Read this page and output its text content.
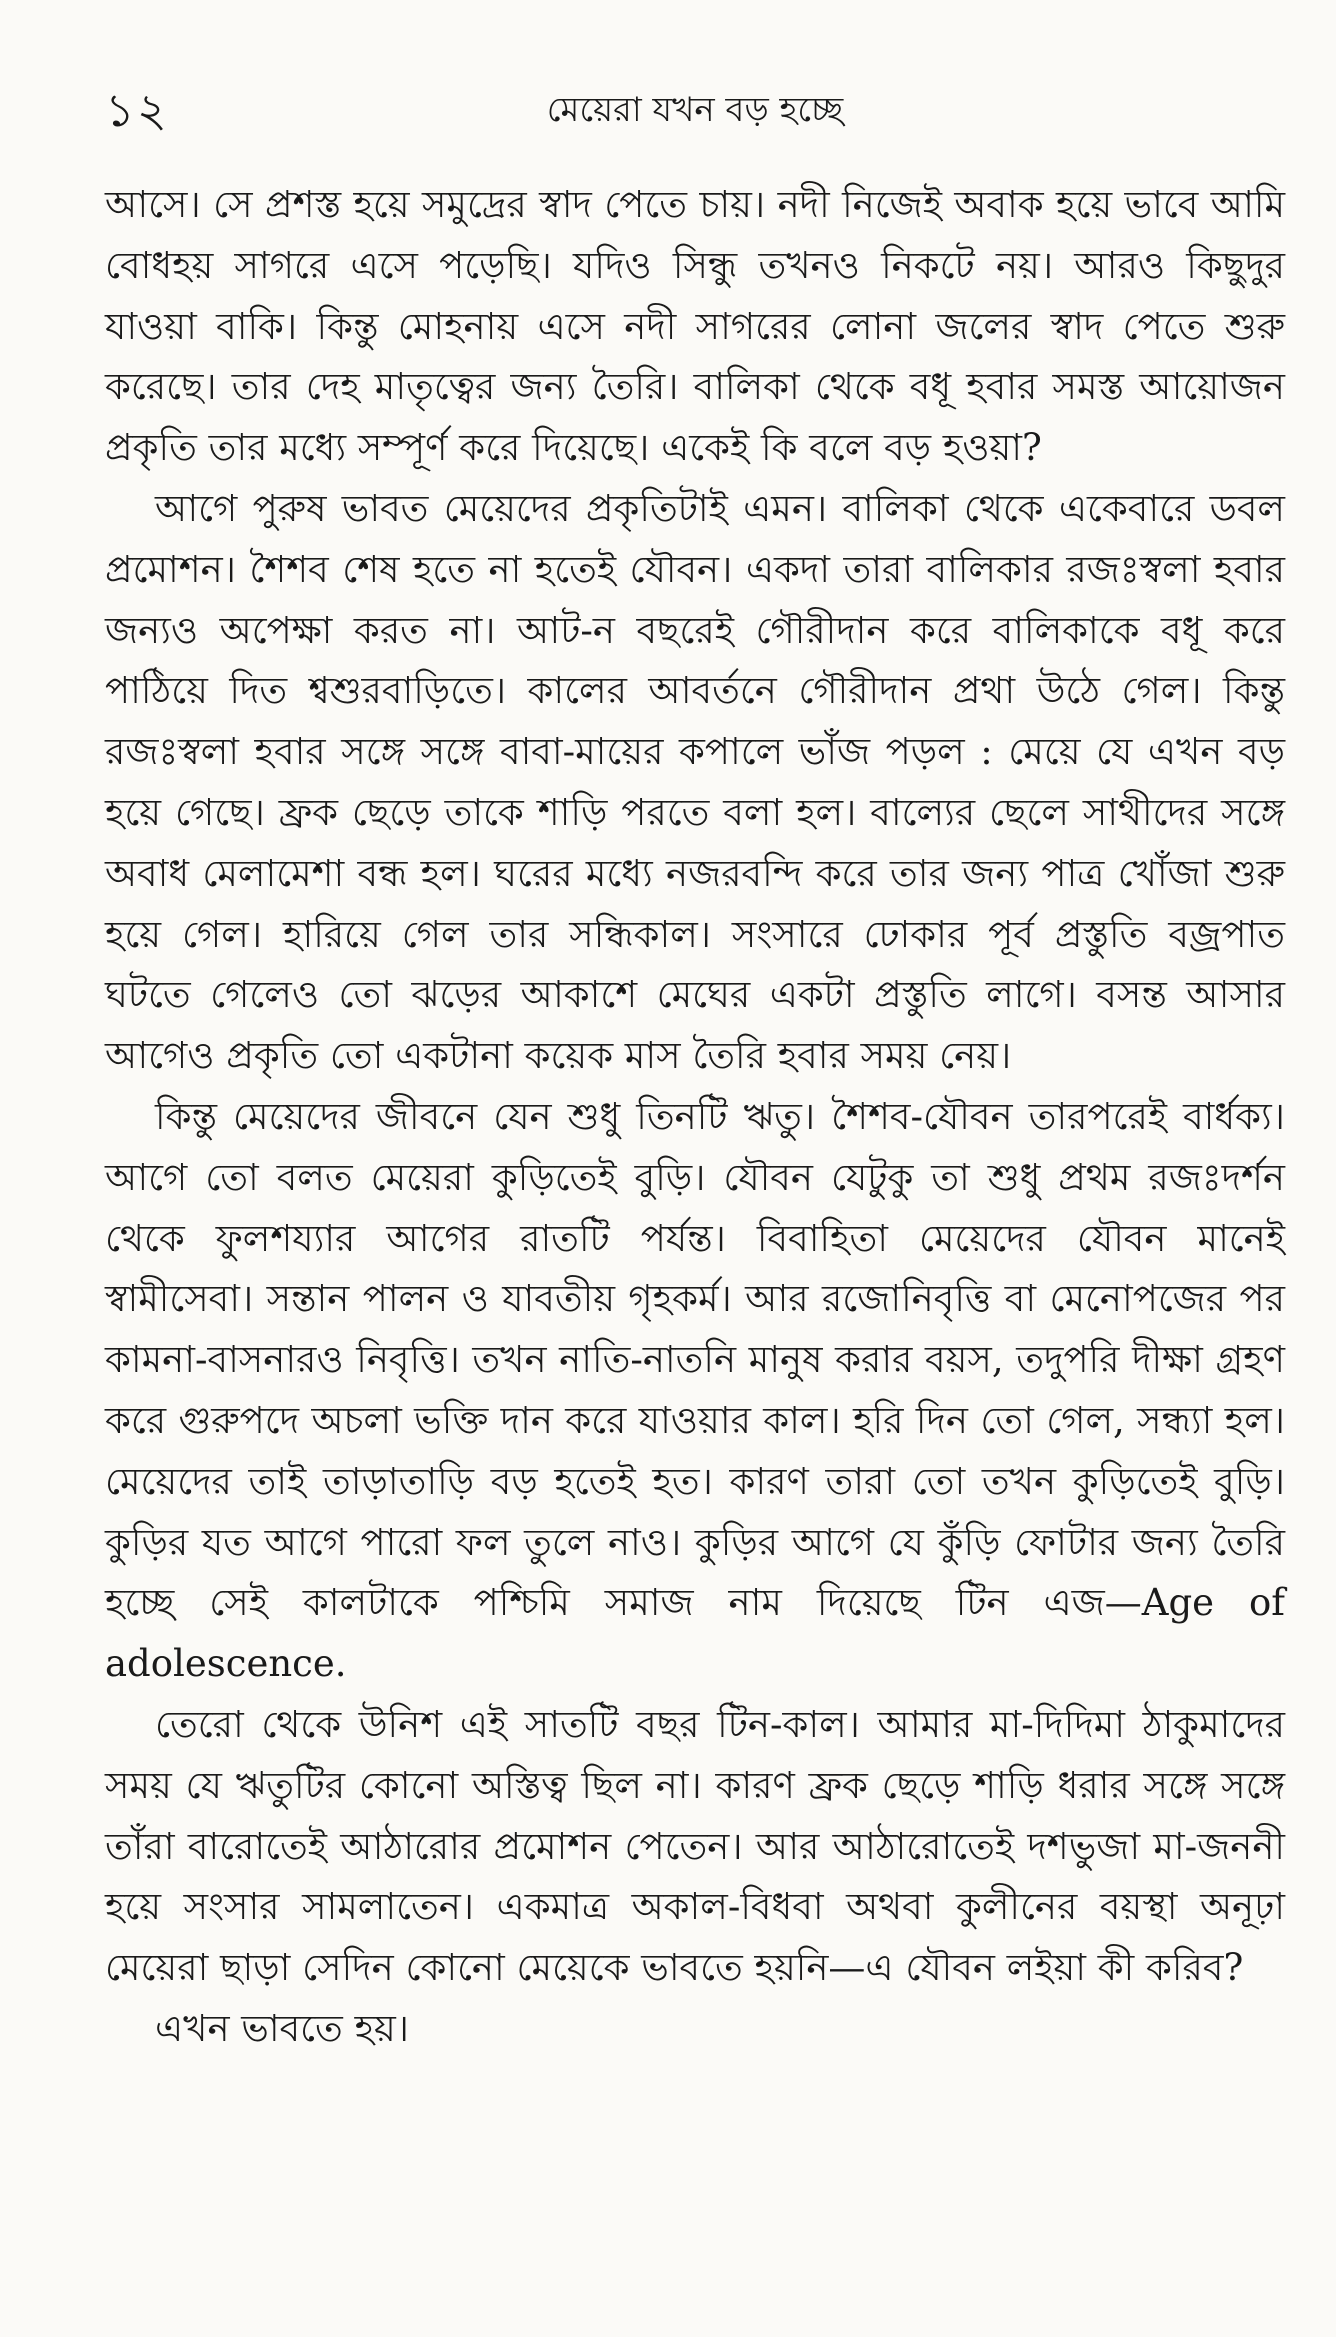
১২	মেয়েরা যখন বড় হচ্ছে

আসে। সে প্রশস্ত হয়ে সমুদ্রের স্বাদ পেতে চায়। নদী নিজেই অবাক হয়ে ভাবে আমি বোধহয় সাগরে এসে পড়েছি। যদিও সিন্ধু তখনও নিকটে নয়। আরও কিছুদুর যাওয়া বাকি। কিন্তু মোহনায় এসে নদী সাগরের লোনা জলের স্বাদ পেতে শুরু করেছে। তার দেহ মাতৃত্বের জন্য তৈরি। বালিকা থেকে বধূ হবার সমস্ত আয়োজন প্রকৃতি তার মধ্যে সম্পূর্ণ করে দিয়েছে। একেই কি বলে বড় হওয়া?

আগে পুরুষ ভাবত মেয়েদের প্রকৃতিটাই এমন। বালিকা থেকে একেবারে ডবল প্রমোশন। শৈশব শেষ হতে না হতেই যৌবন। একদা তারা বালিকার রজঃস্বলা হবার জন্যও অপেক্ষা করত না। আট-ন বছরেই গৌরীদান করে বালিকাকে বধূ করে পাঠিয়ে দিত শ্বশুরবাড়িতে। কালের আবর্তনে গৌরীদান প্রথা উঠে গেল। কিন্তু রজঃস্বলা হবার সঙ্গে সঙ্গে বাবা-মায়ের কপালে ভাঁজ পড়ল : মেয়ে যে এখন বড় হয়ে গেছে। ফ্রক ছেড়ে তাকে শাড়ি পরতে বলা হল। বাল্যের ছেলে সাথীদের সঙ্গে অবাধ মেলামেশা বন্ধ হল। ঘরের মধ্যে নজরবন্দি করে তার জন্য পাত্র খোঁজা শুরু হয়ে গেল। হারিয়ে গেল তার সন্ধিকাল। সংসারে ঢোকার পূর্ব প্রস্তুতি বজ্রপাত ঘটতে গেলেও তো ঝড়ের আকাশে মেঘের একটা প্রস্তুতি লাগে। বসন্ত আসার আগেও প্রকৃতি তো একটানা কয়েক মাস তৈরি হবার সময় নেয়।

কিন্তু মেয়েদের জীবনে যেন শুধু তিনটি ঋতু। শৈশব-যৌবন তারপরেই বার্ধক্য। আগে তো বলত মেয়েরা কুড়িতেই বুড়ি। যৌবন যেটুকু তা শুধু প্রথম রজঃদর্শন থেকে ফুলশয্যার আগের রাতটি পর্যন্ত। বিবাহিতা মেয়েদের যৌবন মানেই স্বামীসেবা। সন্তান পালন ও যাবতীয় গৃহকর্ম। আর রজোনিবৃত্তি বা মেনোপজের পর কামনা-বাসনারও নিবৃত্তি। তখন নাতি-নাতনি মানুষ করার বয়স, তদুপরি দীক্ষা গ্রহণ করে গুরুপদে অচলা ভক্তি দান করে যাওয়ার কাল। হরি দিন তো গেল, সন্ধ্যা হল। মেয়েদের তাই তাড়াতাড়ি বড় হতেই হত। কারণ তারা তো তখন কুড়িতেই বুড়ি। কুড়ির যত আগে পারো ফল তুলে নাও। কুড়ির আগে যে কুঁড়ি ফোটার জন্য তৈরি হচ্ছে সেই কালটাকে পশ্চিমি সমাজ নাম দিয়েছে টিন এজ—Age of adolescence.

তেরো থেকে উনিশ এই সাতটি বছর টিন-কাল। আমার মা-দিদিমা ঠাকুমাদের সময় যে ঋতুটির কোনো অস্তিত্ব ছিল না। কারণ ফ্রক ছেড়ে শাড়ি ধরার সঙ্গে সঙ্গে তাঁরা বারোতেই আঠারোর প্রমোশন পেতেন। আর আঠারোতেই দশভুজা মা-জননী হয়ে সংসার সামলাতেন। একমাত্র অকাল-বিধবা অথবা কুলীনের বয়স্থা অনূঢ়া মেয়েরা ছাড়া সেদিন কোনো মেয়েকে ভাবতে হয়নি—এ যৌবন লইয়া কী করিব?

এখন ভাবতে হয়।
